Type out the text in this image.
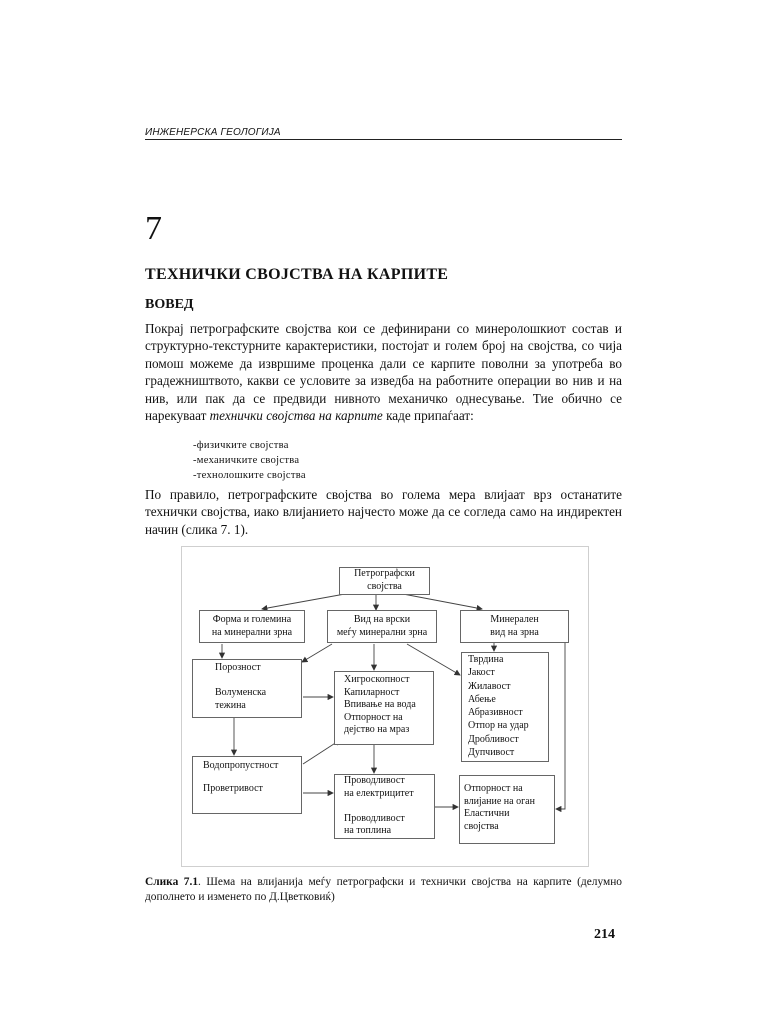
ИНЖЕНЕРСКА ГЕОЛОГИЈА
7
ТЕХНИЧКИ СВОЈСТВА НА КАРПИТЕ
ВОВЕД
Покрај петрографските својства кои се дефинирани со минеролошкиот состав и структурно-текстурните карактеристики, постојат и голем број на својства, со чија помош можеме да извршиме проценка дали се карпите поволни за употреба во градежништвото, какви се условите за изведба на работните операции во нив и на нив, или пак да се предвиди нивното механичко однесување. Тие обично се нарекуваат технички својства на карпите каде припаѓаат:
-физичките својства
-механичките својства
-технолошките својства
По правило, петрографските својства во голема мера влијаат врз останатите технички својства, иако влијанието најчесто може да се согледа само на индиректен начин (слика 7. 1).
Петрографски
својства
Форма и големина
на минерални зрна
Вид на врски
меѓу минерални зрна
Минерален
вид на зрна
Порозност

Волуменска
тежина
Хигроскопност
Капиларност
Впивање на вода
Отпорност на
дејство на мраз
Тврдина
Јакост
Жилавост
Абење
Абразивност
Отпор на удар
Дробливост
Дупчивост
Водопропустност

Проветривост
Проводливост
на електрицитет

Проводливост
на топлина
Отпорност на
влијание на оган
Еластични
својства
Слика 7.1. Шема на влијанија меѓу петрографски и технички својства на карпите (делумно дополнето и изменето по Д.Цветковиќ)
214
